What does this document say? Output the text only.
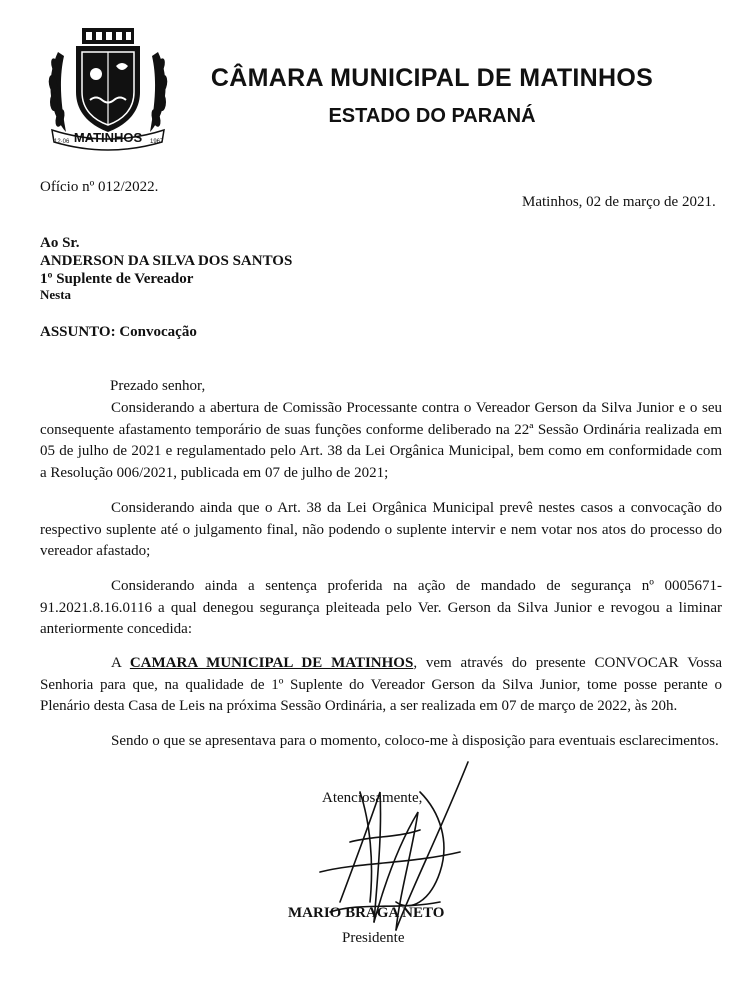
MATINHOS
12·06	1967
CÂMARA MUNICIPAL DE MATINHOS
ESTADO DO PARANÁ
Ofício nº 012/2022.
Matinhos, 02 de março de 2021.
Ao Sr.
ANDERSON DA SILVA DOS SANTOS
1º Suplente de Vereador
Nesta
ASSUNTO: Convocação
Prezado senhor,
Considerando a abertura de Comissão Processante contra o Vereador Gerson da Silva Junior e o seu consequente afastamento temporário de suas funções conforme deliberado na 22ª Sessão Ordinária realizada em 05 de julho de 2021 e regulamentado pelo Art. 38 da Lei Orgânica Municipal, bem como em conformidade com a Resolução 006/2021, publicada em 07 de julho de 2021;
Considerando ainda que o Art. 38 da Lei Orgânica Municipal prevê nestes casos a convocação do respectivo suplente até o julgamento final, não podendo o suplente intervir e nem votar nos atos do processo do vereador afastado;
Considerando ainda a sentença proferida na ação de mandado de segurança nº 0005671-91.2021.8.16.0116 a qual denegou segurança pleiteada pelo Ver. Gerson da Silva Junior e revogou a liminar anteriormente concedida:
A CAMARA MUNICIPAL DE MATINHOS, vem através do presente CONVOCAR Vossa Senhoria para que, na qualidade de 1º Suplente do Vereador Gerson da Silva Junior, tome posse perante o Plenário desta Casa de Leis na próxima Sessão Ordinária, a ser realizada em 07 de março de 2022, às 20h.
Sendo o que se apresentava para o momento, coloco-me à disposição para eventuais esclarecimentos.
Atenciosamente,
MARIO BRAGA NETO
Presidente
